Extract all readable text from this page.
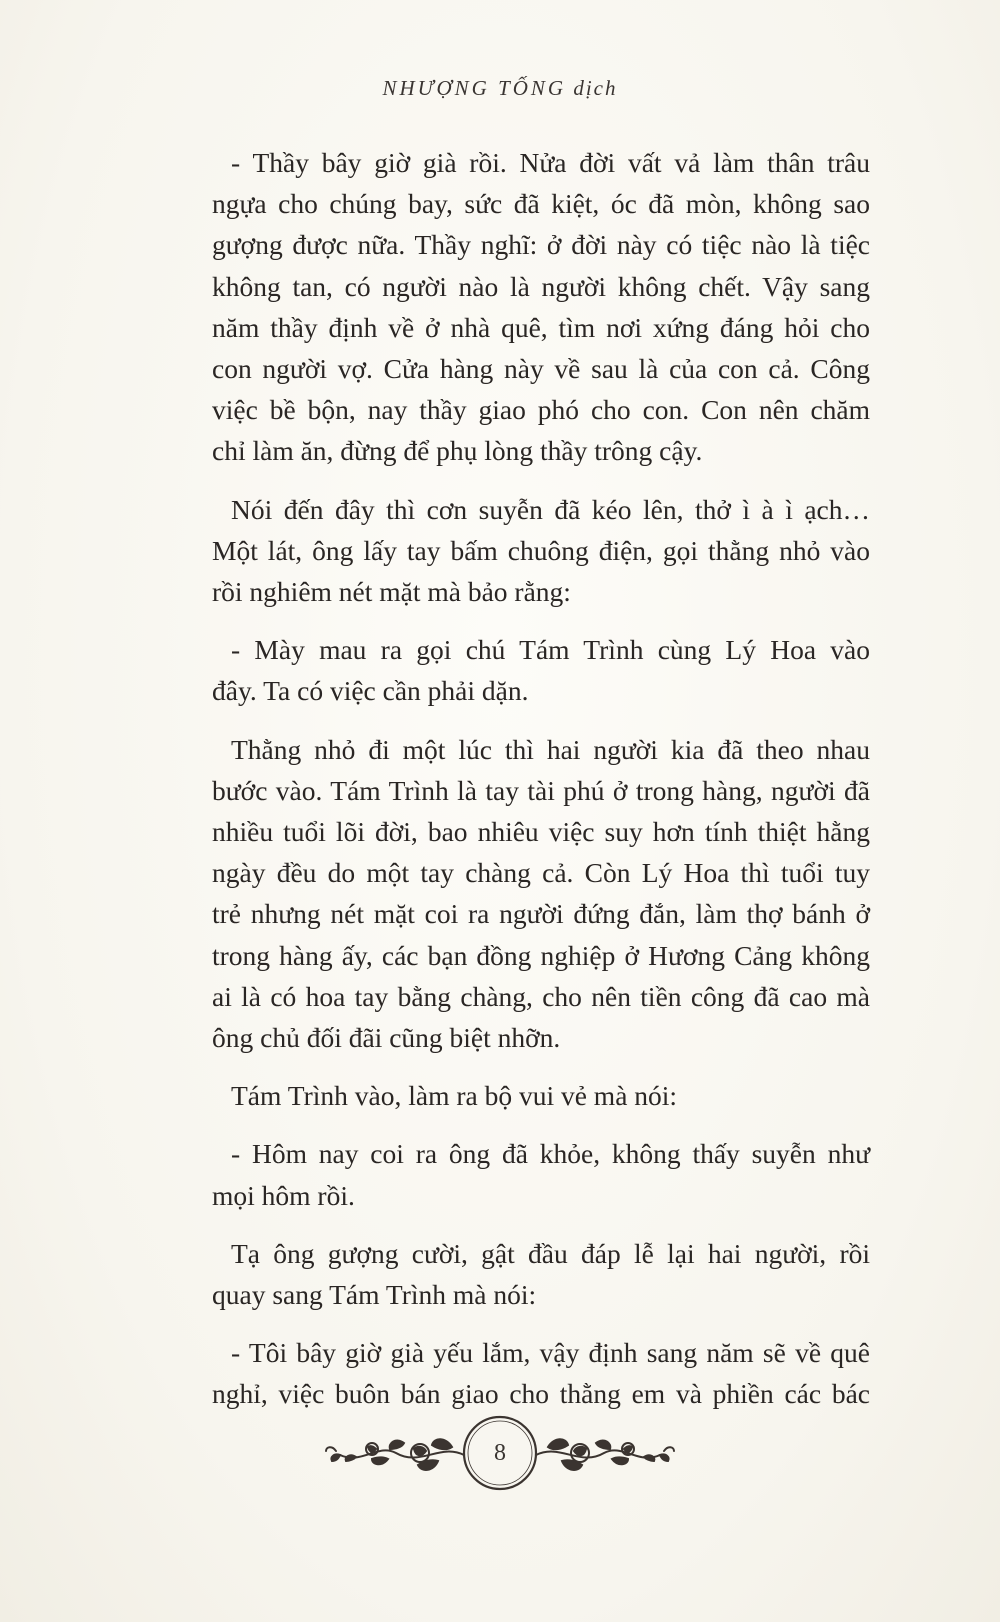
NHƯỢNG TỐNG dịch

- Thầy bây giờ già rồi. Nửa đời vất vả làm thân trâu
ngựa cho chúng bay, sức đã kiệt, óc đã mòn, không sao
gượng được nữa. Thầy nghĩ: ở đời này có tiệc nào là tiệc
không tan, có người nào là người không chết. Vậy sang
năm thầy định về ở nhà quê, tìm nơi xứng đáng hỏi cho
con người vợ. Cửa hàng này về sau là của con cả. Công
việc bề bộn, nay thầy giao phó cho con. Con nên chăm
chỉ làm ăn, đừng để phụ lòng thầy trông cậy.

Nói đến đây thì cơn suyễn đã kéo lên, thở ì à ì ạch…
Một lát, ông lấy tay bấm chuông điện, gọi thằng nhỏ vào
rồi nghiêm nét mặt mà bảo rằng:

- Mày mau ra gọi chú Tám Trình cùng Lý Hoa vào
đây. Ta có việc cần phải dặn.

Thằng nhỏ đi một lúc thì hai người kia đã theo nhau
bước vào. Tám Trình là tay tài phú ở trong hàng, người đã
nhiều tuổi lõi đời, bao nhiêu việc suy hơn tính thiệt hằng
ngày đều do một tay chàng cả. Còn Lý Hoa thì tuổi tuy
trẻ nhưng nét mặt coi ra người đứng đắn, làm thợ bánh ở
trong hàng ấy, các bạn đồng nghiệp ở Hương Cảng không
ai là có hoa tay bằng chàng, cho nên tiền công đã cao mà
ông chủ đối đãi cũng biệt nhỡn.

Tám Trình vào, làm ra bộ vui vẻ mà nói:

- Hôm nay coi ra ông đã khỏe, không thấy suyễn như
mọi hôm rồi.

Tạ ông gượng cười, gật đầu đáp lễ lại hai người, rồi
quay sang Tám Trình mà nói:

- Tôi bây giờ già yếu lắm, vậy định sang năm sẽ về quê
nghỉ, việc buôn bán giao cho thằng em và phiền các bác

8
